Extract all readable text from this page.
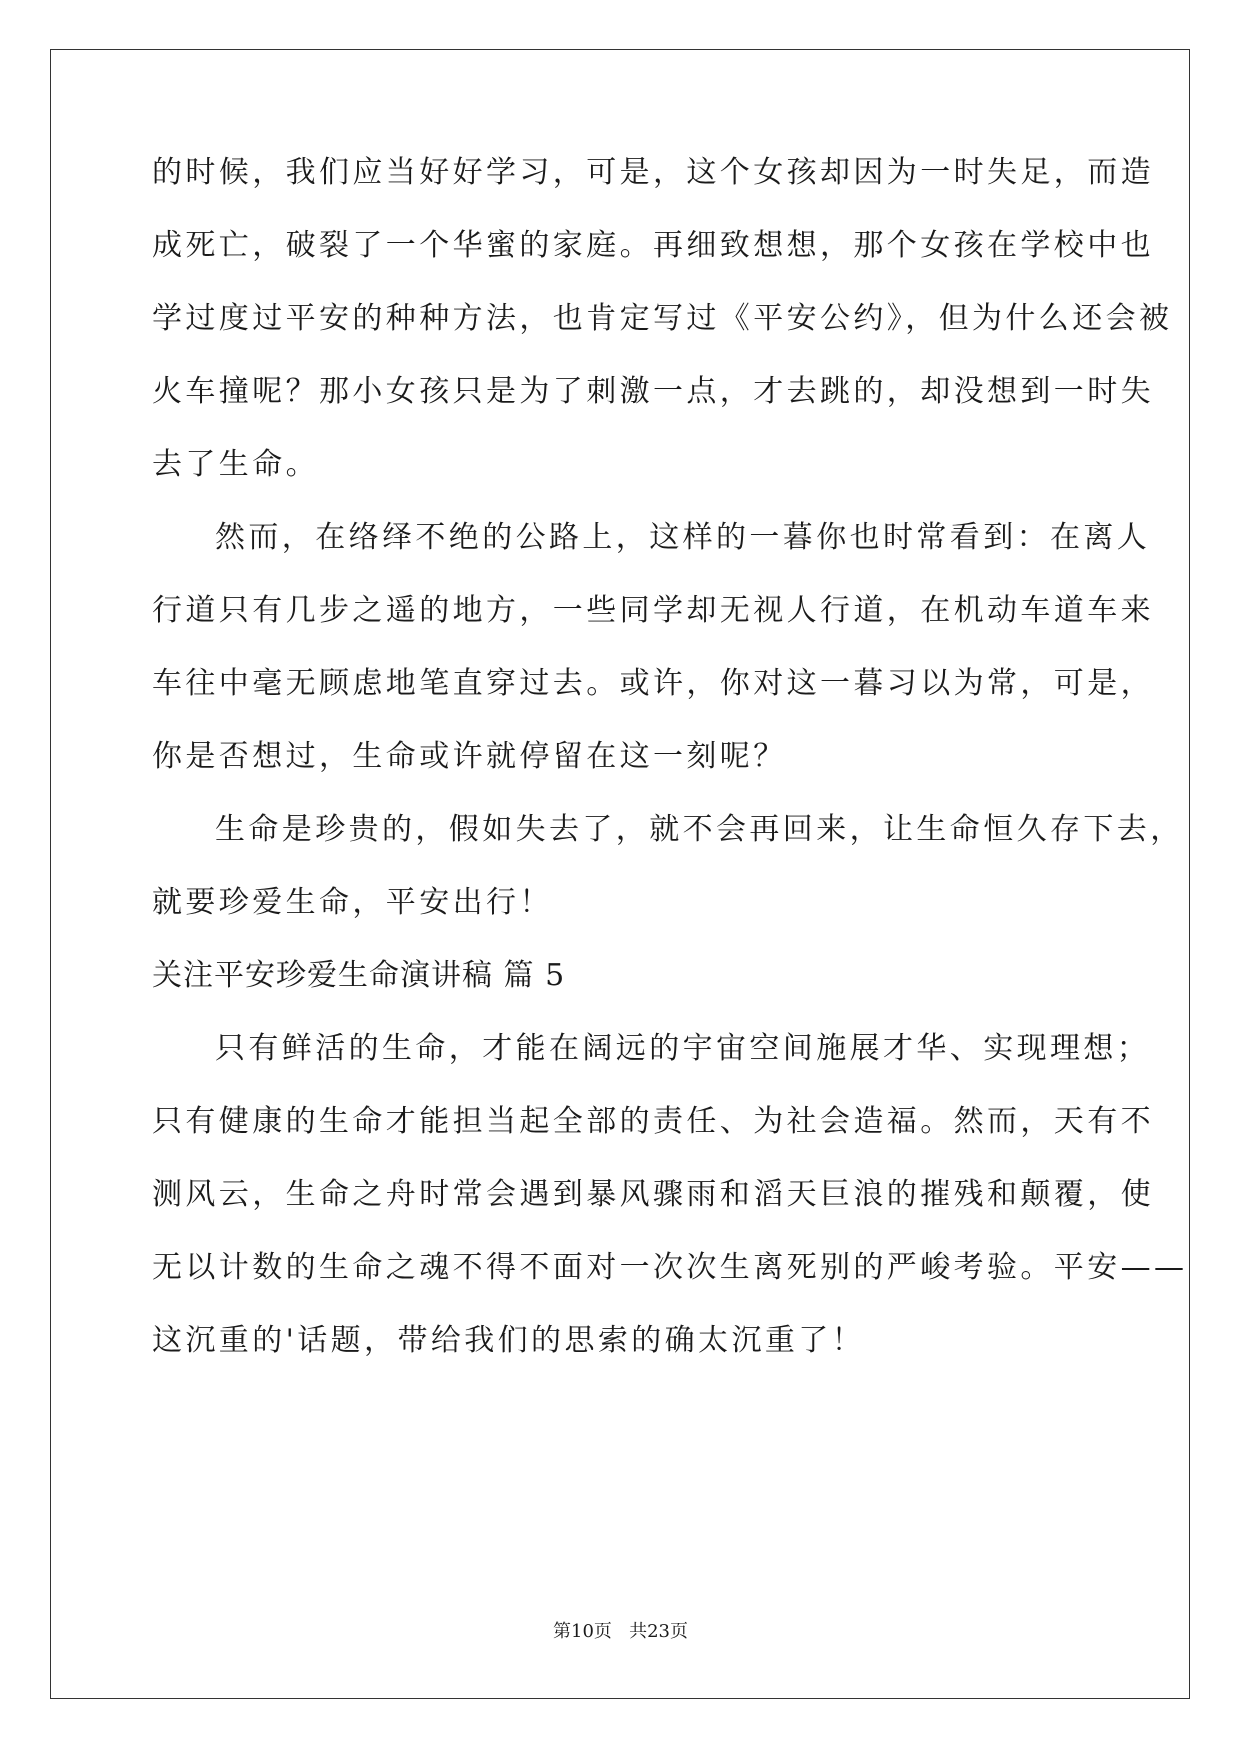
的时候，我们应当好好学习，可是，这个女孩却因为一时失足，而造
成死亡，破裂了一个华蜜的家庭。再细致想想，那个女孩在学校中也
学过度过平安的种种方法，也肯定写过《平安公约》，但为什么还会被
火车撞呢？那小女孩只是为了刺激一点，才去跳的，却没想到一时失
去了生命。
然而，在络绎不绝的公路上，这样的一暮你也时常看到：在离人
行道只有几步之遥的地方，一些同学却无视人行道，在机动车道车来
车往中毫无顾虑地笔直穿过去。或许，你对这一暮习以为常，可是，
你是否想过，生命或许就停留在这一刻呢？
生命是珍贵的，假如失去了，就不会再回来，让生命恒久存下去，
就要珍爱生命，平安出行！
关注平安珍爱生命演讲稿 篇 5
只有鲜活的生命，才能在阔远的宇宙空间施展才华、实现理想；
只有健康的生命才能担当起全部的责任、为社会造福。然而，天有不
测风云，生命之舟时常会遇到暴风骤雨和滔天巨浪的摧残和颠覆，使
无以计数的生命之魂不得不面对一次次生离死别的严峻考验。平安——
这沉重的'话题，带给我们的思索的确太沉重了！
第10页   共23页
